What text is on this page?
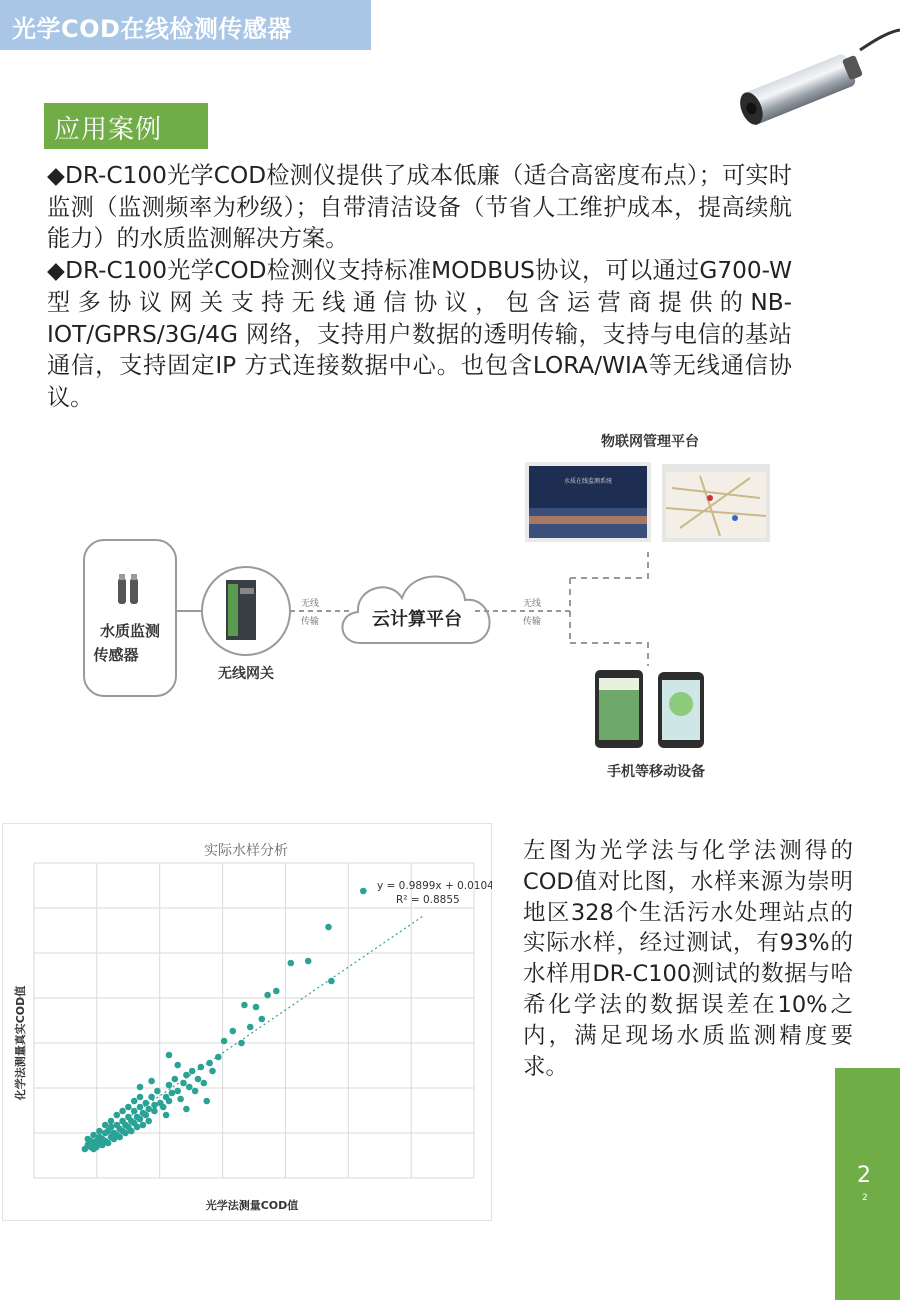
光学COD在线检测传感器
应用案例

◆DR-C100光学COD检测仪提供了成本低廉（适合高密度布点）；可实时监测（监测频率为秒级）；自带清洁设备（节省人工维护成本，提高续航能力）的水质监测解决方案。

◆DR-C100光学COD检测仪支持标准MODBUS协议，可以通过G700-W型多协议网关支持无线通信协议，包含运营商提供的NB-IOT/GPRS/3G/4G 网络，支持用户数据的透明传输，支持与电信的基站通信，支持固定IP 方式连接数据中心。也包含LORA/WIA等无线通信协议。

水质监测
传感器
无线网关
无线
传输	云计算平台
无线
传输
物联网管理平台
水质在线监测系统
手机等移动设备
实际水样分析
y = 0.9899x + 0.0104
R² = 0.8855
光学法测量COD值
化学法测量真实COD值
左图为光学法与化学法测得的COD值对比图，水样来源为崇明地区328个生活污水处理站点的实际水样，经过测试，有93%的水样用DR-C100测试的数据与哈希化学法的数据误差在10%之内，满足现场水质监测精度要求。
2
2
